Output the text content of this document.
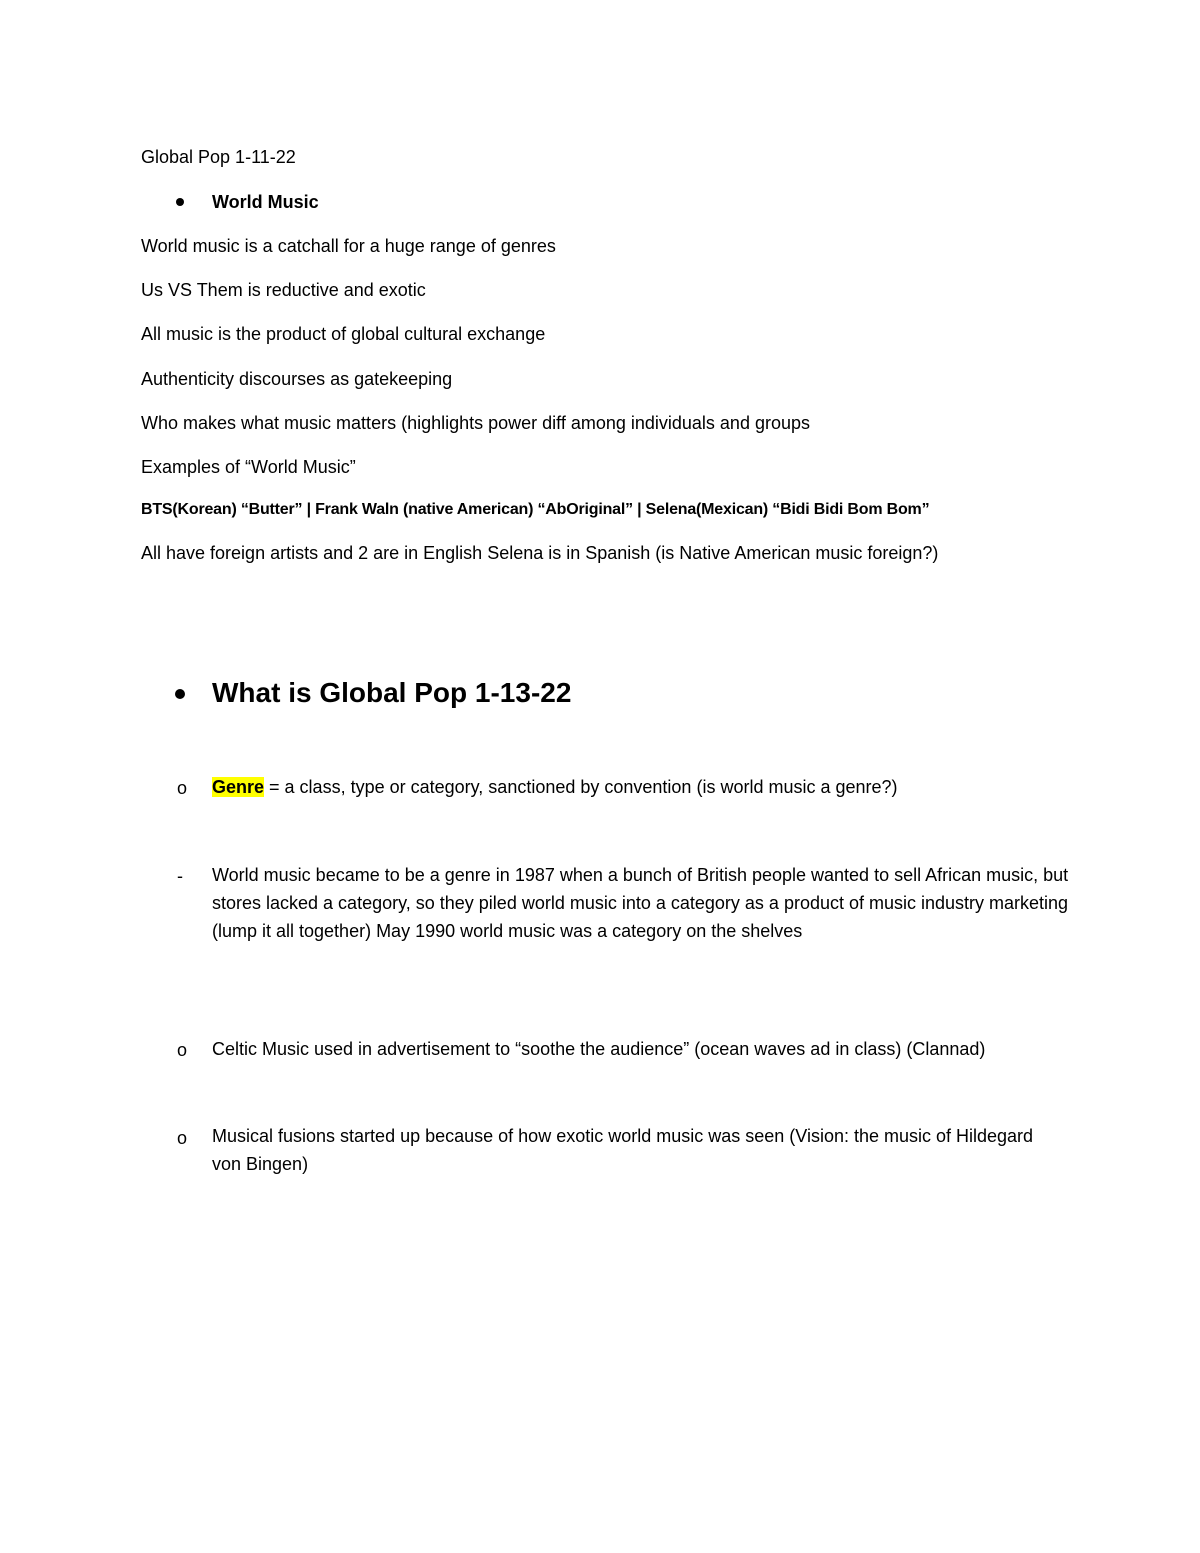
Global Pop 1-11-22
World Music
World music is a catchall for a huge range of genres
Us VS Them is reductive and exotic
All music is the product of global cultural exchange
Authenticity discourses as gatekeeping
Who makes what music matters (highlights power diff among individuals and groups
Examples of “World Music”
BTS(Korean) “Butter” | Frank Waln (native American) “AbOriginal” | Selena(Mexican) “Bidi Bidi Bom Bom”
All have foreign artists and 2 are in English Selena is in Spanish (is Native American music foreign?)
What is Global Pop 1-13-22
o Genre = a class, type or category, sanctioned by convention (is world music a genre?)
- World music became to be a genre in 1987 when a bunch of British people wanted to sell African music, but stores lacked a category, so they piled world music into a category as a product of music industry marketing (lump it all together) May 1990 world music was a category on the shelves
o Celtic Music used in advertisement to “soothe the audience” (ocean waves ad in class) (Clannad)
o Musical fusions started up because of how exotic world music was seen (Vision: the music of Hildegard von Bingen)
